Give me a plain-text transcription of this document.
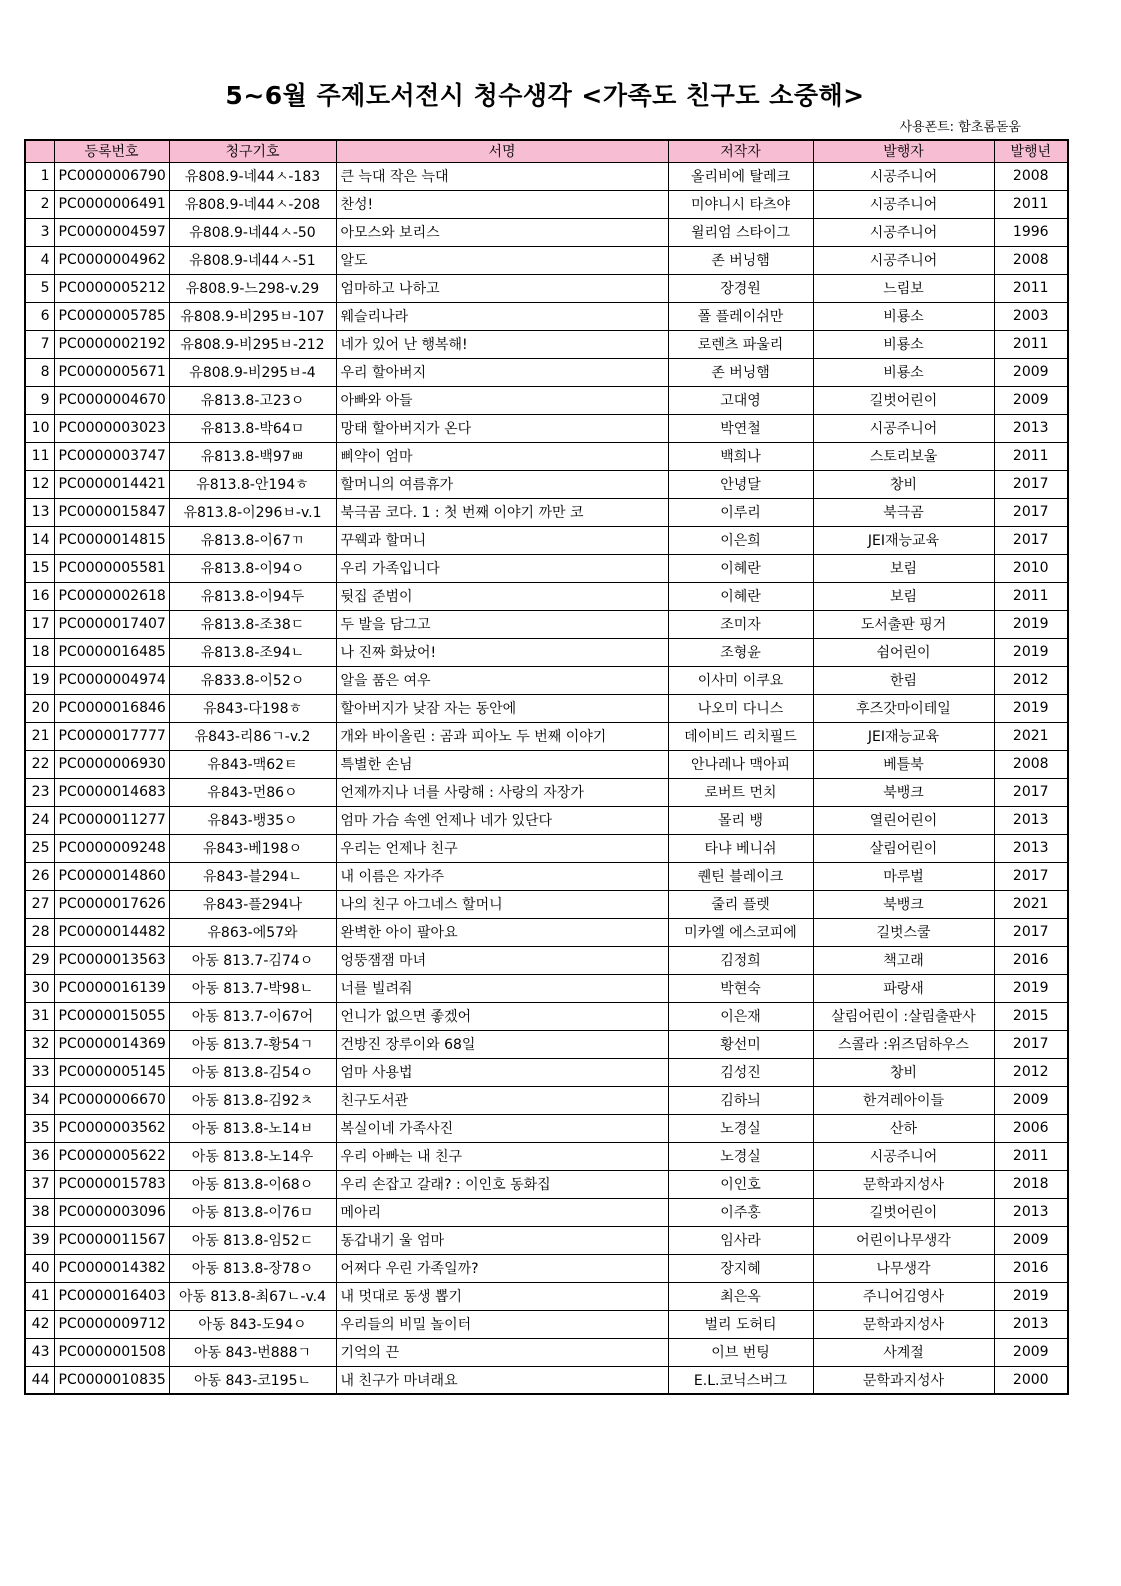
5~6월 주제도서전시 청수생각 <가족도 친구도 소중해>
사용폰트: 함초롬돋움
	등록번호	청구기호	서명	저작자	발행자	발행년
1	PC0000006790	유808.9-네44ㅅ-183	큰 늑대 작은 늑대	올리비에 탈레크	시공주니어	2008
2	PC0000006491	유808.9-네44ㅅ-208	찬성!	미야니시 타츠야	시공주니어	2011
3	PC0000004597	유808.9-네44ㅅ-50	아모스와 보리스	윌리엄 스타이그	시공주니어	1996
4	PC0000004962	유808.9-네44ㅅ-51	알도	존 버닝햄	시공주니어	2008
5	PC0000005212	유808.9-느298-v.29	엄마하고 나하고	장경원	느림보	2011
6	PC0000005785	유808.9-비295ㅂ-107	웨슬리나라	폴 플레이쉬만	비룡소	2003
7	PC0000002192	유808.9-비295ㅂ-212	네가 있어 난 행복해!	로렌츠 파울리	비룡소	2011
8	PC0000005671	유808.9-비295ㅂ-4	우리 할아버지	존 버닝햄	비룡소	2009
9	PC0000004670	유813.8-고23ㅇ	아빠와 아들	고대영	길벗어린이	2009
10	PC0000003023	유813.8-박64ㅁ	망태 할아버지가 온다	박연철	시공주니어	2013
11	PC0000003747	유813.8-백97ㅃ	삐약이 엄마	백희나	스토리보울	2011
12	PC0000014421	유813.8-안194ㅎ	할머니의 여름휴가	안녕달	창비	2017
13	PC0000015847	유813.8-이296ㅂ-v.1	북극곰 코다. 1 : 첫 번째 이야기 까만 코	이루리	북극곰	2017
14	PC0000014815	유813.8-이67ㄲ	꾸웩과 할머니	이은희	JEI재능교육	2017
15	PC0000005581	유813.8-이94ㅇ	우리 가족입니다	이혜란	보림	2010
16	PC0000002618	유813.8-이94두	뒷집 준범이	이혜란	보림	2011
17	PC0000017407	유813.8-조38ㄷ	두 발을 담그고	조미자	도서출판 핑거	2019
18	PC0000016485	유813.8-조94ㄴ	나 진짜 화났어!	조형윤	쉼어린이	2019
19	PC0000004974	유833.8-이52ㅇ	알을 품은 여우	이사미 이쿠요	한림	2012
20	PC0000016846	유843-다198ㅎ	할아버지가 낮잠 자는 동안에	나오미 다니스	후즈갓마이테일	2019
21	PC0000017777	유843-리86ㄱ-v.2	개와 바이올린 : 곰과 피아노 두 번째 이야기	데이비드 리치필드	JEI재능교육	2021
22	PC0000006930	유843-맥62ㅌ	특별한 손님	안나레나 맥아피	베틀북	2008
23	PC0000014683	유843-먼86ㅇ	언제까지나 너를 사랑해 : 사랑의 자장가	로버트 먼치	북뱅크	2017
24	PC0000011277	유843-뱅35ㅇ	엄마 가슴 속엔 언제나 네가 있단다	몰리 뱅	열린어린이	2013
25	PC0000009248	유843-베198ㅇ	우리는 언제나 친구	타냐 베니쉬	살림어린이	2013
26	PC0000014860	유843-블294ㄴ	내 이름은 자가주	퀜틴 블레이크	마루벌	2017
27	PC0000017626	유843-플294나	나의 친구 아그네스 할머니	줄리 플렛	북뱅크	2021
28	PC0000014482	유863-에57와	완벽한 아이 팔아요	미카엘 에스코피에	길벗스쿨	2017
29	PC0000013563	아동 813.7-김74ㅇ	엉뚱잼잼 마녀	김정희	책고래	2016
30	PC0000016139	아동 813.7-박98ㄴ	너를 빌려줘	박현숙	파랑새	2019
31	PC0000015055	아동 813.7-이67어	언니가 없으면 좋겠어	이은재	살림어린이 :살림출판사	2015
32	PC0000014369	아동 813.7-황54ㄱ	건방진 장루이와 68일	황선미	스콜라 :위즈덤하우스	2017
33	PC0000005145	아동 813.8-김54ㅇ	엄마 사용법	김성진	창비	2012
34	PC0000006670	아동 813.8-김92ㅊ	친구도서관	김하늬	한겨레아이들	2009
35	PC0000003562	아동 813.8-노14ㅂ	복실이네 가족사진	노경실	산하	2006
36	PC0000005622	아동 813.8-노14우	우리 아빠는 내 친구	노경실	시공주니어	2011
37	PC0000015783	아동 813.8-이68ㅇ	우리 손잡고 갈래? : 이인호 동화집	이인호	문학과지성사	2018
38	PC0000003096	아동 813.8-이76ㅁ	메아리	이주홍	길벗어린이	2013
39	PC0000011567	아동 813.8-임52ㄷ	동갑내기 울 엄마	임사라	어린이나무생각	2009
40	PC0000014382	아동 813.8-장78ㅇ	어쩌다 우린 가족일까?	장지혜	나무생각	2016
41	PC0000016403	아동 813.8-최67ㄴ-v.4	내 멋대로 동생 뽑기	최은옥	주니어김영사	2019
42	PC0000009712	아동 843-도94ㅇ	우리들의 비밀 놀이터	벌리 도허티	문학과지성사	2013
43	PC0000001508	아동 843-번888ㄱ	기억의 끈	이브 번팅	사계절	2009
44	PC0000010835	아동 843-코195ㄴ	내 친구가 마녀래요	E.L.코닉스버그	문학과지성사	2000
